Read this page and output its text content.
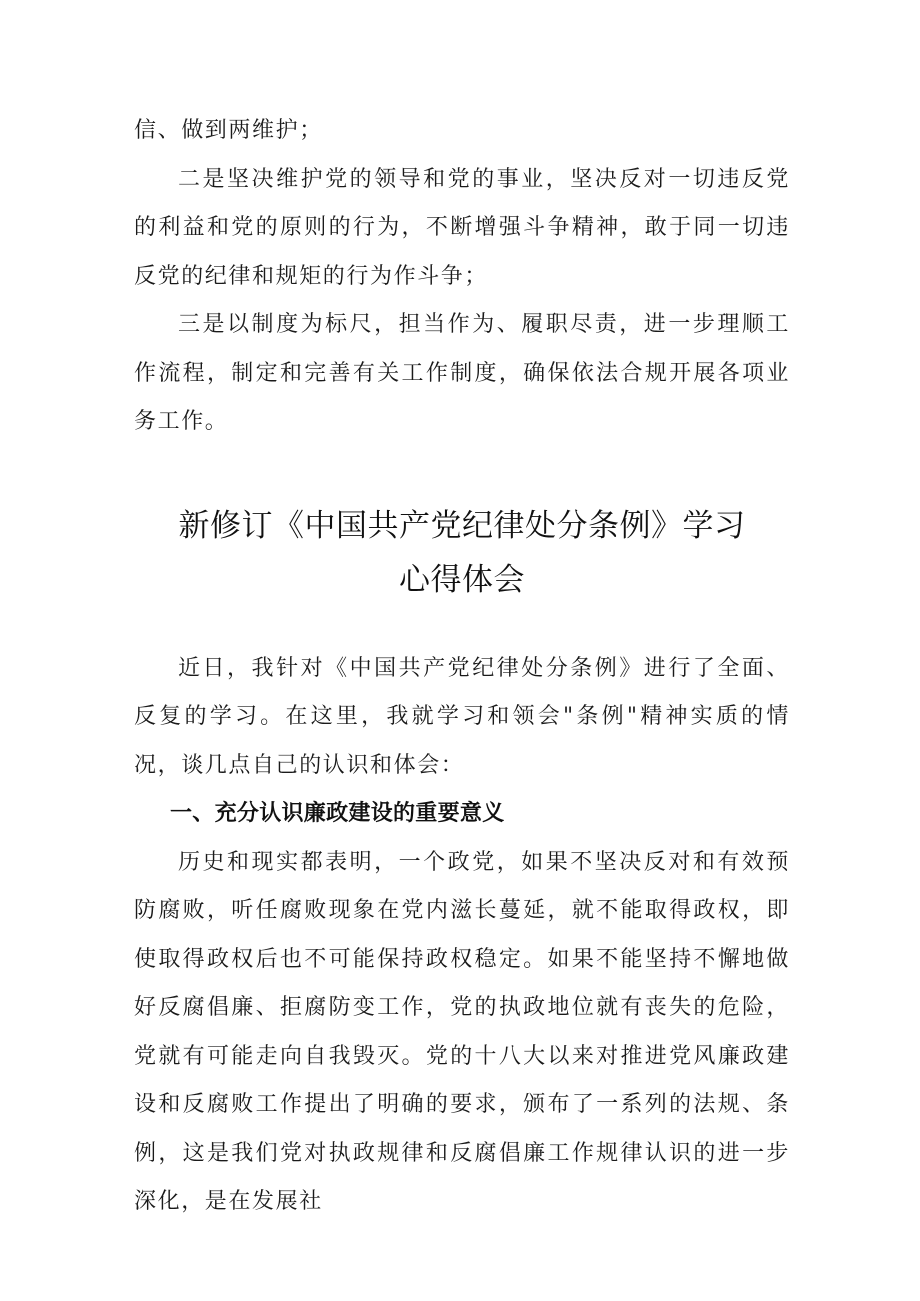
信、做到两维护；

二是坚决维护党的领导和党的事业，坚决反对一切违反党的利益和党的原则的行为，不断增强斗争精神，敢于同一切违反党的纪律和规矩的行为作斗争；

三是以制度为标尺，担当作为、履职尽责，进一步理顺工作流程，制定和完善有关工作制度，确保依法合规开展各项业务工作。

新修订《中国共产党纪律处分条例》学习
心得体会

近日，我针对《中国共产党纪律处分条例》进行了全面、反复的学习。在这里，我就学习和领会"条例"精神实质的情况，谈几点自己的认识和体会：

一、充分认识廉政建设的重要意义

历史和现实都表明，一个政党，如果不坚决反对和有效预防腐败，听任腐败现象在党内滋长蔓延，就不能取得政权，即使取得政权后也不可能保持政权稳定。如果不能坚持不懈地做好反腐倡廉、拒腐防变工作，党的执政地位就有丧失的危险，党就有可能走向自我毁灭。党的十八大以来对推进党风廉政建设和反腐败工作提出了明确的要求，颁布了一系列的法规、条例，这是我们党对执政规律和反腐倡廉工作规律认识的进一步深化，是在发展社
